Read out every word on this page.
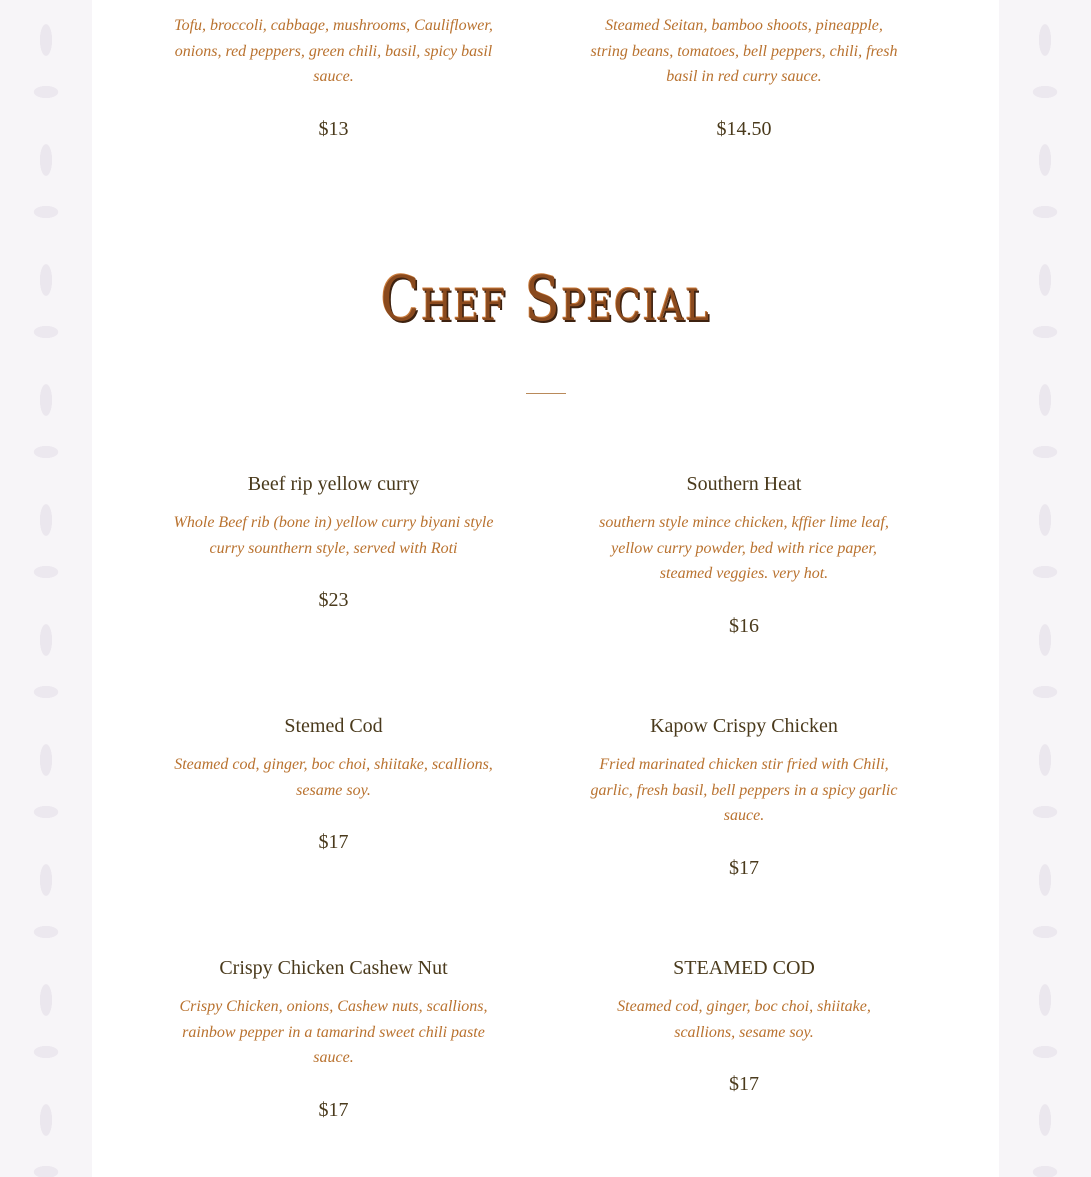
Tofu, broccoli, cabbage, mushrooms, Cauliflower, onions, red peppers, green chili, basil, spicy basil sauce.

$13

Steamed Seitan, bamboo shoots, pineapple, string beans, tomatoes, bell peppers, chili, fresh basil in red curry sauce.

$14.50
Chef Special
Beef rip yellow curry

Whole Beef rib (bone in) yellow curry biyani style curry sounthern style, served with Roti

$23
Southern Heat

southern style mince chicken, kffier lime leaf, yellow curry powder, bed with rice paper, steamed veggies. very hot.

$16
Stemed Cod

Steamed cod, ginger, boc choi, shiitake, scallions, sesame soy.

$17
Kapow Crispy Chicken

Fried marinated chicken stir fried with Chili, garlic, fresh basil, bell peppers in a spicy garlic sauce.

$17
Crispy Chicken Cashew Nut

Crispy Chicken, onions, Cashew nuts, scallions, rainbow pepper in a tamarind sweet chili paste sauce.

$17
STEAMED COD

Steamed cod, ginger, boc choi, shiitake, scallions, sesame soy.

$17
